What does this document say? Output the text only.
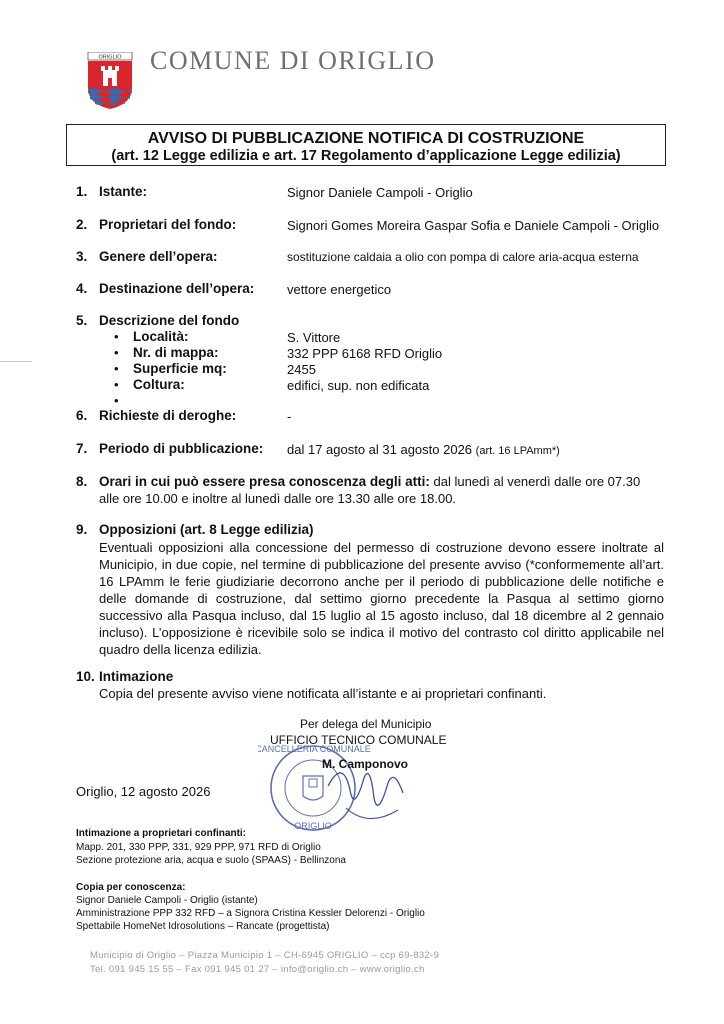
ORIGLIO COMUNE DI ORIGLIO
AVVISO DI PUBBLICAZIONE NOTIFICA DI COSTRUZIONE
(art. 12 Legge edilizia e art. 17 Regolamento d’applicazione Legge edilizia)
1. Istante:	Signor Daniele Campoli - Origlio
2. Proprietari del fondo:	Signori Gomes Moreira Gaspar Sofia e Daniele Campoli - Origlio
3. Genere dell’opera:	sostituzione caldaia a olio con pompa di calore aria-acqua esterna
4. Destinazione dell’opera:	vettore energetico
5. Descrizione del fondo
• Località:	S. Vittore
• Nr. di mappa:	332 PPP 6168 RFD Origlio
• Superficie mq:	2455
• Coltura:	edifici, sup. non edificata
•
6. Richieste di deroghe:	-
7. Periodo di pubblicazione: dal 17 agosto al 31 agosto 2026 (art. 16 LPAmm*)
8. Orari in cui può essere presa conoscenza degli atti: dal lunedì al venerdì dalle ore 07.30
alle ore 10.00 e inoltre al lunedì dalle ore 13.30 alle ore 18.00.
9. Opposizioni (art. 8 Legge edilizia)
Eventuali opposizioni alla concessione del permesso di costruzione devono essere inoltrate al Municipio, in due copie, nel termine di pubblicazione del presente avviso (*conformemente all’art. 16 LPAmm le ferie giudiziarie decorrono anche per il periodo di pubblicazione delle notifiche e delle domande di costruzione, dal settimo giorno precedente la Pasqua al settimo giorno successivo alla Pasqua incluso, dal 15 luglio al 15 agosto incluso, dal 18 dicembre al 2 gennaio incluso). L’opposizione è ricevibile solo se indica il motivo del contrasto col diritto applicabile nel quadro della licenza edilizia.
10. Intimazione
Copia del presente avviso viene notificata all’istante e ai proprietari confinanti.
Per delega del Municipio
UFFICIO TECNICO COMUNALE
CANCELLERIA COMUNALE
ORIGLIO
M. Camponovo
Origlio, 12 agosto 2026
Intimazione a proprietari confinanti:
Mapp. 201, 330 PPP, 331, 929 PPP, 971 RFD di Origlio
Sezione protezione aria, acqua e suolo (SPAAS) - Bellinzona
Copia per conoscenza:
Signor Daniele Campoli - Origlio (istante)
Amministrazione PPP 332 RFD – a Signora Cristina Kessler Delorenzi - Origlio
Spettabile HomeNet Idrosolutions – Rancate (progettista)
Municipio di Origlio – Piazza Municipio 1 – CH-6945 ORIGLIO – ccp 69-832-9
Tel. 091 945 15 55 – Fax 091 945 01 27 – info@origlio.ch – www.origlio.ch
